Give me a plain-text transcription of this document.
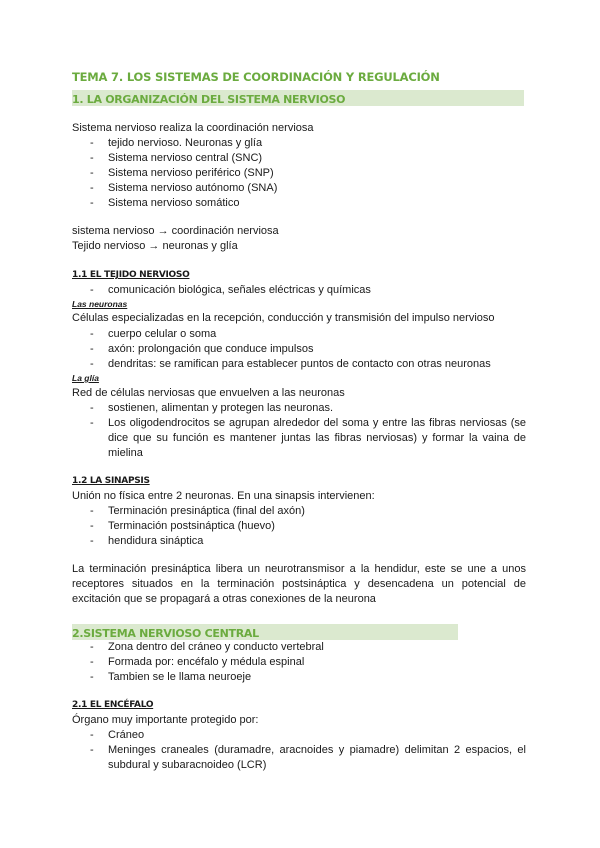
TEMA 7. LOS SISTEMAS DE COORDINACIÓN Y REGULACIÓN
1. LA ORGANIZACIÓN DEL SISTEMA NERVIOSO
Sistema nervioso realiza la coordinación nerviosa
- tejido nervioso. Neuronas y glía
- Sistema nervioso central (SNC)
- Sistema nervioso periférico (SNP)
- Sistema nervioso autónomo (SNA)
- Sistema nervioso somático
sistema nervioso → coordinación nerviosa
Tejido nervioso → neuronas y glía
1.1 EL TEJIDO NERVIOSO
- comunicación biológica, señales eléctricas y químicas
Las neuronas
Células especializadas en la recepción, conducción y transmisión del impulso nervioso
- cuerpo celular o soma
- axón: prolongación que conduce impulsos
- dendritas: se ramifican para establecer puntos de contacto con otras neuronas
La glía
Red de células nerviosas que envuelven a las neuronas
- sostienen, alimentan y protegen las neuronas.
- Los oligodendrocitos se agrupan alrededor del soma y entre las fibras nerviosas (se dice que su función es mantener juntas las fibras nerviosas) y formar la vaina de mielina
1.2 LA SINAPSIS
Unión no física entre 2 neuronas. En una sinapsis intervienen:
- Terminación presináptica (final del axón)
- Terminación postsináptica (huevo)
- hendidura sináptica
La terminación presináptica libera un neurotransmisor a la hendidur, este se une a unos receptores situados en la terminación postsináptica y desencadena un potencial de excitación que se propagará a otras conexiones de la neurona
2.SISTEMA NERVIOSO CENTRAL
- Zona dentro del cráneo y conducto vertebral
- Formada por: encéfalo y médula espinal
- Tambien se le llama neuroeje
2.1 EL ENCÉFALO
Órgano muy importante protegido por:
- Cráneo
- Meninges craneales (duramadre, aracnoides y piamadre) delimitan 2 espacios, el subdural y subaracnoideo (LCR)
